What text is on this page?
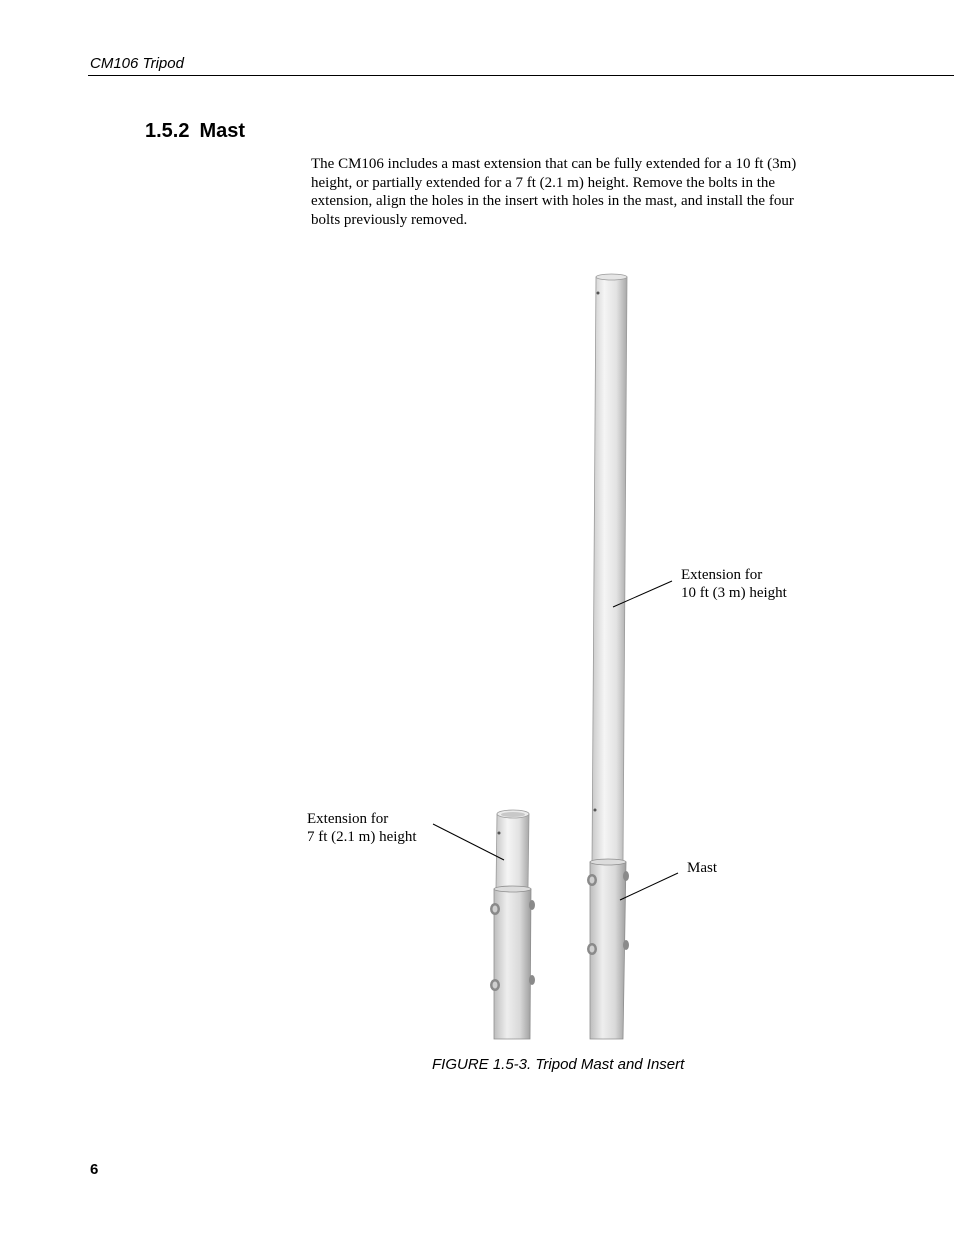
CM106 Tripod
1.5.2 Mast

The CM106 includes a mast extension that can be fully extended for a 10 ft (3m) height, or partially extended for a 7 ft (2.1 m) height. Remove the bolts in the extension, align the holes in the insert with holes in the mast, and install the four bolts previously removed.

Extension for
10 ft (3 m) height
Extension for
7 ft (2.1 m) height
Mast
FIGURE 1.5-3. Tripod Mast and Insert
6
